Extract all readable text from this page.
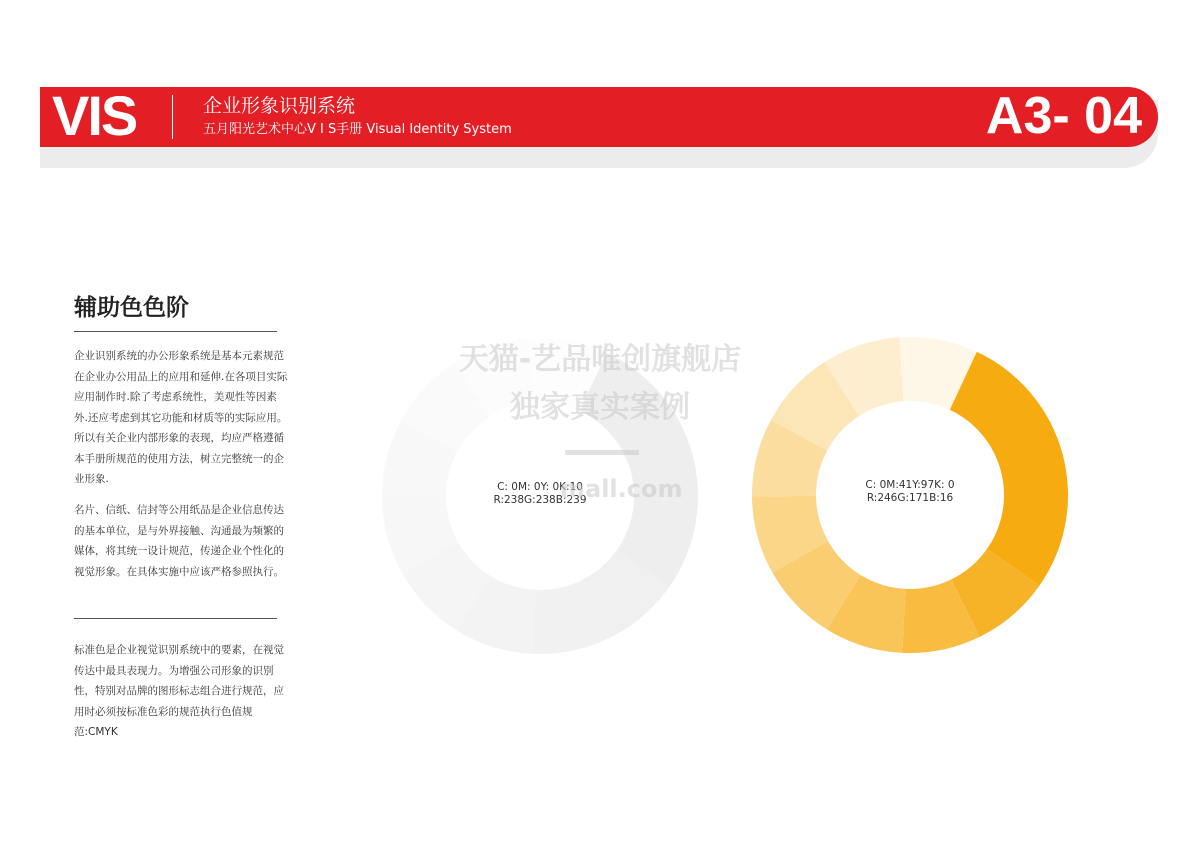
VIS	企业形象识别系统
五月阳光艺术中心V I S手册 Visual Identity System	A3- 04
辅助色色阶

企业识别系统的办公形象系统是基本元素规范在企业办公用品上的应用和延伸.在各项目实际应用制作时.除了考虑系统性，美观性等因素外.还应考虑到其它功能和材质等的实际应用。所以有关企业内部形象的表现，均应严格遵循本手册所规范的使用方法，树立完整统一的企业形象.

名片、信纸、信封等公用纸品是企业信息传达的基本单位，是与外界接触、沟通最为频繁的媒体，将其统一设计规范，传递企业个性化的视觉形象。在具体实施中应该严格参照执行。

标准色是企业视觉识别系统中的要素，在视觉传达中最具表现力。为增强公司形象的识别性，特别对品牌的图形标志组合进行规范，应用时必须按标准色彩的规范执行色值规范:CMYK

C: 0M: 0Y: 0K:10
R:238G:238B:239
C: 0M:41Y:97K: 0
R:246G:171B:16
天猫-艺品唯创旗舰店
独家真实案例
mall.com
